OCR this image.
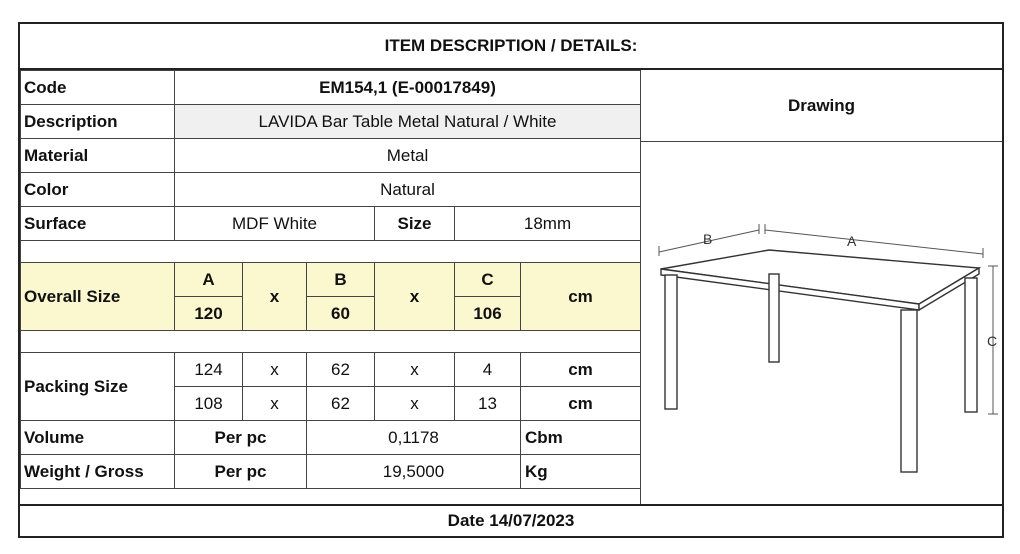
ITEM DESCRIPTION / DETAILS:
Code	EM154,1 (E-00017849)					
Description	LAVIDA Bar Table Metal Natural / White					
Material	Metal					
Color	Natural					
Surface	MDF White			Size	18mm	

Overall Size	A	x	B	x	C	cm
	120		60		106	

Packing Size	124	x	62	x	4	cm
	108	x	62	x	13	cm
Volume	Per pc		0,1178			Cbm
Weight / Gross	Per pc		19,5000			Kg
Drawing
B	A
C
Date 14/07/2023
